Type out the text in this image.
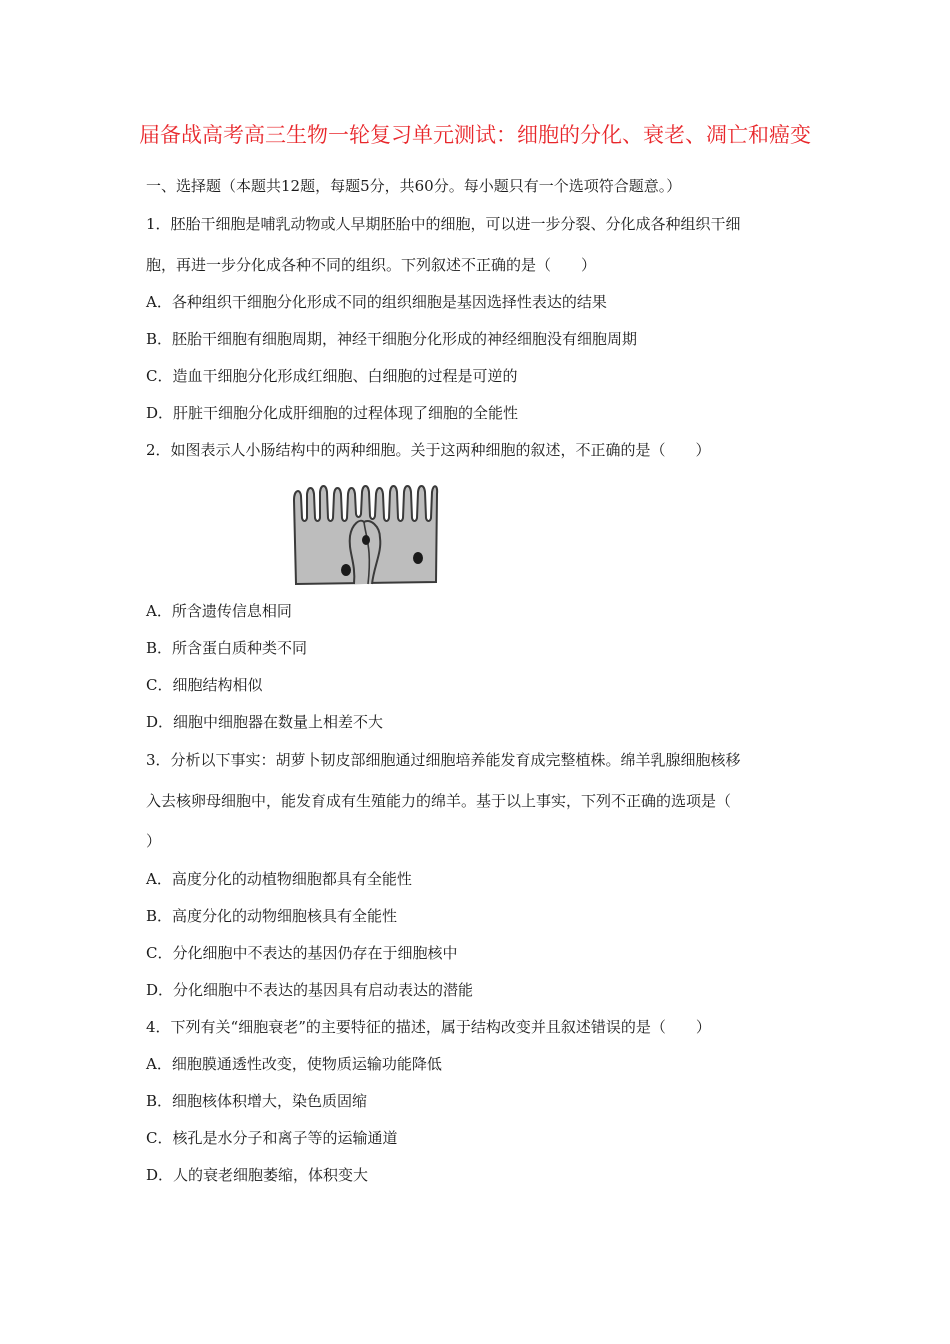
届备战高考高三生物一轮复习单元测试：细胞的分化、衰老、凋亡和癌变
一、选择题（本题共12题，每题5分，共60分。每小题只有一个选项符合题意。）
1．胚胎干细胞是哺乳动物或人早期胚胎中的细胞，可以进一步分裂、分化成各种组织干细
胞，再进一步分化成各种不同的组织。下列叙述不正确的是（　　）
A．各种组织干细胞分化形成不同的组织细胞是基因选择性表达的结果
B．胚胎干细胞有细胞周期，神经干细胞分化形成的神经细胞没有细胞周期
C．造血干细胞分化形成红细胞、白细胞的过程是可逆的
D．肝脏干细胞分化成肝细胞的过程体现了细胞的全能性
2．如图表示人小肠结构中的两种细胞。关于这两种细胞的叙述，不正确的是（　　）
A．所含遗传信息相同
B．所含蛋白质种类不同
C．细胞结构相似
D．细胞中细胞器在数量上相差不大
3．分析以下事实：胡萝卜韧皮部细胞通过细胞培养能发育成完整植株。绵羊乳腺细胞核移
入去核卵母细胞中，能发育成有生殖能力的绵羊。基于以上事实，下列不正确的选项是（
）
A．高度分化的动植物细胞都具有全能性
B．高度分化的动物细胞核具有全能性
C．分化细胞中不表达的基因仍存在于细胞核中
D．分化细胞中不表达的基因具有启动表达的潜能
4．下列有关“细胞衰老”的主要特征的描述，属于结构改变并且叙述错误的是（　　）
A．细胞膜通透性改变，使物质运输功能降低
B．细胞核体积增大，染色质固缩
C．核孔是水分子和离子等的运输通道
D．人的衰老细胞萎缩，体积变大
